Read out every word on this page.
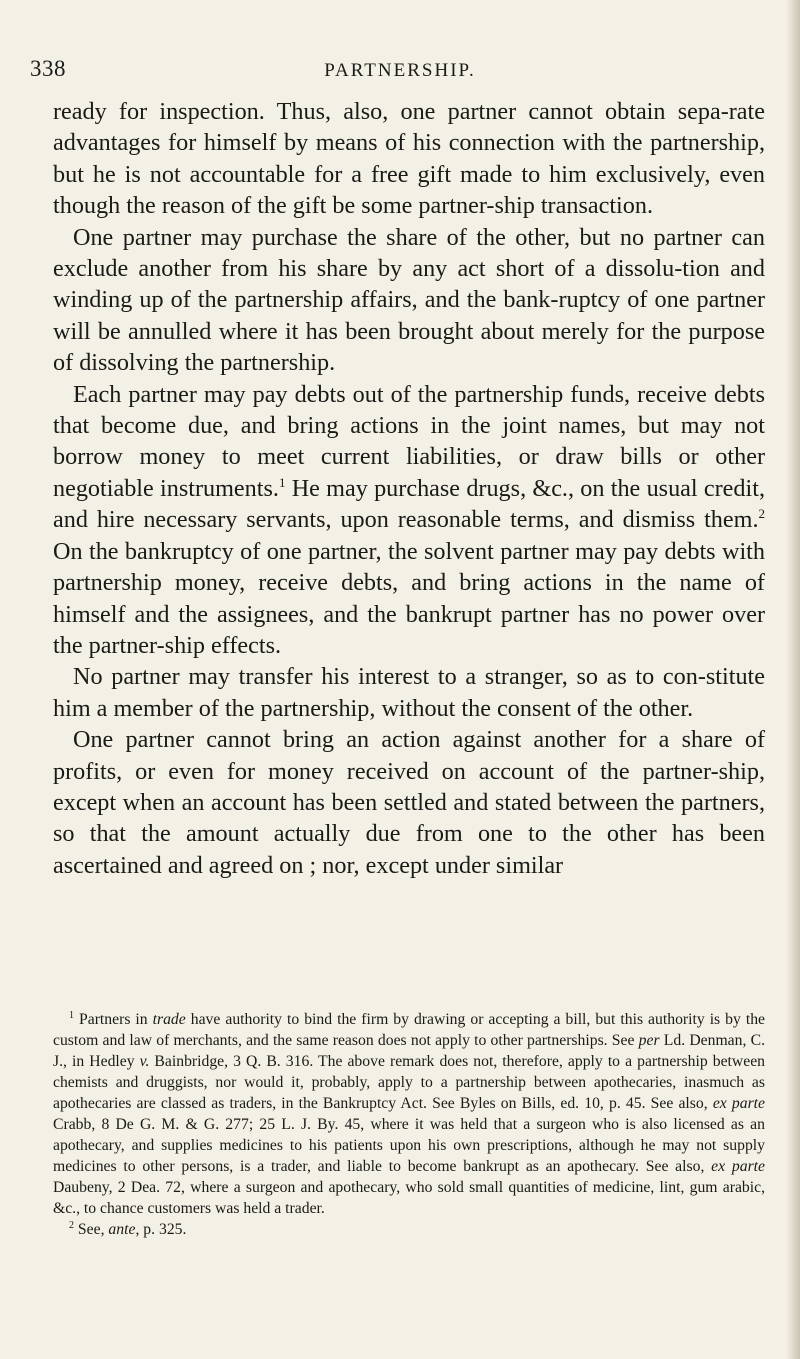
338	PARTNERSHIP.

ready for inspection. Thus, also, one partner cannot obtain sepa-rate advantages for himself by means of his connection with the partnership, but he is not accountable for a free gift made to him exclusively, even though the reason of the gift be some partner-ship transaction.

One partner may purchase the share of the other, but no partner can exclude another from his share by any act short of a dissolu-tion and winding up of the partnership affairs, and the bank-ruptcy of one partner will be annulled where it has been brought about merely for the purpose of dissolving the partnership.

Each partner may pay debts out of the partnership funds, receive debts that become due, and bring actions in the joint names, but may not borrow money to meet current liabilities, or draw bills or other negotiable instruments.$^1$ He may purchase drugs, &c., on the usual credit, and hire necessary servants, upon reasonable terms, and dismiss them.$^2$ On the bankruptcy of one partner, the solvent partner may pay debts with partnership money, receive debts, and bring actions in the name of himself and the assignees, and the bankrupt partner has no power over the partner-ship effects.

No partner may transfer his interest to a stranger, so as to con-stitute him a member of the partnership, without the consent of the other.

One partner cannot bring an action against another for a share of profits, or even for money received on account of the partner-ship, except when an account has been settled and stated between the partners, so that the amount actually due from one to the other has been ascertained and agreed on ; nor, except under similar

$^1$ Partners in trade have authority to bind the firm by drawing or accepting a bill, but this authority is by the custom and law of merchants, and the same reason does not apply to other partnerships. See per Ld. Denman, C. J., in Hedley v. Bainbridge, 3 Q. B. 316. The above remark does not, therefore, apply to a partnership between chemists and druggists, nor would it, probably, apply to a partnership between apothecaries, inasmuch as apothecaries are classed as traders, in the Bankruptcy Act. See Byles on Bills, ed. 10, p. 45. See also, ex parte Crabb, 8 De G. M. & G. 277; 25 L. J. By. 45, where it was held that a surgeon who is also licensed as an apothecary, and supplies medicines to his patients upon his own prescriptions, although he may not supply medicines to other persons, is a trader, and liable to become bankrupt as an apothecary. See also, ex parte Daubeny, 2 Dea. 72, where a surgeon and apothecary, who sold small quantities of medicine, lint, gum arabic, &c., to chance customers was held a trader.

$^2$ See, ante, p. 325.
